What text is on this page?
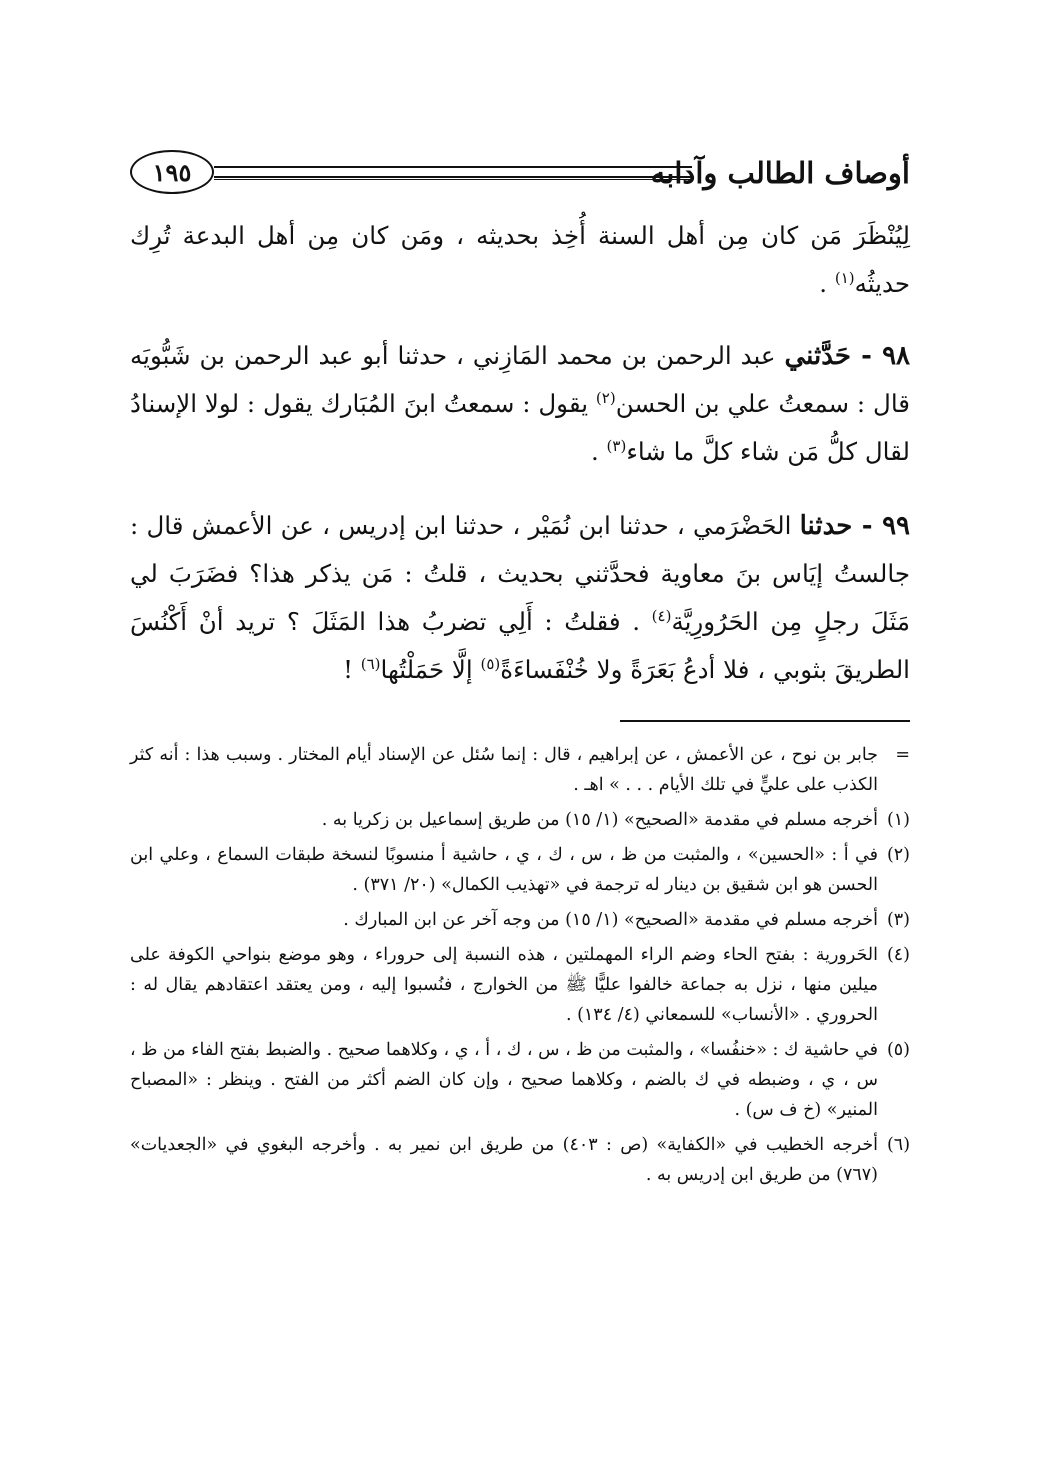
١٩٥	أوصاف الطالب وآدابه

لِيُنْظَرَ مَن كان مِن أهل السنة أُخِذ بحديثه ، ومَن كان مِن أهل البدعة تُرِك حديثُه$^{(١)}$ .

٩٨ - حَدَّثني عبد الرحمن بن محمد المَازِني ، حدثنا أبو عبد الرحمن بن شَبُّويَه قال : سمعتُ علي بن الحسن$^{(٢)}$ يقول : سمعتُ ابنَ المُبَارك يقول : لولا الإسنادُ لقال كلُّ مَن شاء كلَّ ما شاء$^{(٣)}$ .

٩٩ - حدثنا الحَضْرَمي ، حدثنا ابن نُمَيْر ، حدثنا ابن إدريس ، عن الأعمش قال : جالستُ إيَاس بنَ معاوية فحدَّثني بحديث ، قلتُ : مَن يذكر هذا؟ فضَرَبَ لي مَثَلَ رجلٍ مِن الحَرُورِيَّة$^{(٤)}$ . فقلتُ : أَلِي تضربُ هذا المَثَلَ ؟ تريد أنْ أَكْنُسَ الطريقَ بثوبي ، فلا أدعُ بَعَرَةً ولا خُنْفَساءَةً$^{(٥)}$ إلَّا حَمَلْتُها$^{(٦)}$ !

=جابر بن نوح ، عن الأعمش ، عن إبراهيم ، قال : إنما سُئل عن الإسناد أيام المختار . وسبب هذا : أنه كثر الكذب على عليٍّ في تلك الأيام . . . » اهـ .

(١)أخرجه مسلم في مقدمة «الصحيح» (١/ ١٥) من طريق إسماعيل بن زكريا به .

(٢)في أ : «الحسين» ، والمثبت من ظ ، س ، ك ، ي ، حاشية أ منسوبًا لنسخة طبقات السماع ، وعلي ابن الحسن هو ابن شقيق بن دينار له ترجمة في «تهذيب الكمال» (٢٠/ ٣٧١) .

(٣)أخرجه مسلم في مقدمة «الصحيح» (١/ ١٥) من وجه آخر عن ابن المبارك .

(٤)الحَرورية : بفتح الحاء وضم الراء المهملتين ، هذه النسبة إلى حروراء ، وهو موضع بنواحي الكوفة على ميلين منها ، نزل به جماعة خالفوا عليًّا ﷺ من الخوارج ، فنُسبوا إليه ، ومن يعتقد اعتقادهم يقال له : الحروري . «الأنساب» للسمعاني (٤/ ١٣٤) .

(٥)في حاشية ك : «خنفُسا» ، والمثبت من ظ ، س ، ك ، أ ، ي ، وكلاهما صحيح . والضبط بفتح الفاء من ظ ، س ، ي ، وضبطه في ك بالضم ، وكلاهما صحيح ، وإن كان الضم أكثر من الفتح . وينظر : «المصباح المنير» (خ ف س) .

(٦)أخرجه الخطيب في «الكفاية» (ص : ٤٠٣) من طريق ابن نمير به . وأخرجه البغوي في «الجعديات» (٧٦٧) من طريق ابن إدريس به .
